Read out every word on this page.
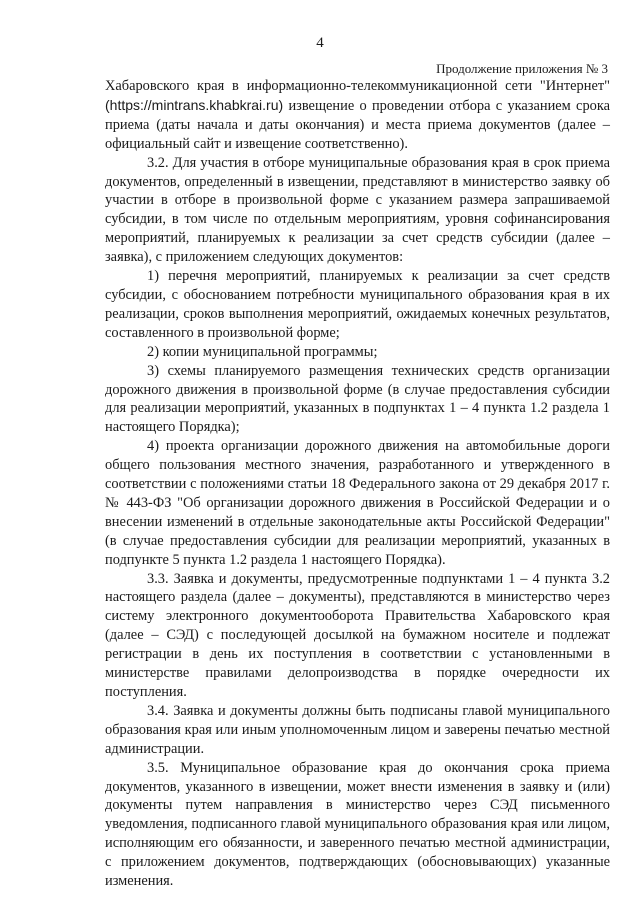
4
Продолжение приложения № 3

Хабаровского края в информационно-телекоммуникационной сети "Интернет" (https://mintrans.khabkrai.ru) извещение о проведении отбора с указанием срока приема (даты начала и даты окончания) и места приема документов (далее – официальный сайт и извещение соответственно).

3.2. Для участия в отборе муниципальные образования края в срок приема документов, определенный в извещении, представляют в министерство заявку об участии в отборе в произвольной форме с указанием размера запрашиваемой субсидии, в том числе по отдельным мероприятиям, уровня софинансирования мероприятий, планируемых к реализации за счет средств субсидии (далее – заявка), с приложением следующих документов:

1) перечня мероприятий, планируемых к реализации за счет средств субсидии, с обоснованием потребности муниципального образования края в их реализации, сроков выполнения мероприятий, ожидаемых конечных результатов, составленного в произвольной форме;

2) копии муниципальной программы;

3) схемы планируемого размещения технических средств организации дорожного движения в произвольной форме (в случае предоставления субсидии для реализации мероприятий, указанных в подпунктах 1 – 4 пункта 1.2 раздела 1 настоящего Порядка);

4) проекта организации дорожного движения на автомобильные дороги общего пользования местного значения, разработанного и утвержденного в соответствии с положениями статьи 18 Федерального закона от 29 декабря 2017 г. № 443-ФЗ "Об организации дорожного движения в Российской Федерации и о внесении изменений в отдельные законодательные акты Российской Федерации" (в случае предоставления субсидии для реализации мероприятий, указанных в подпункте 5 пункта 1.2 раздела 1 настоящего Порядка).

3.3. Заявка и документы, предусмотренные подпунктами 1 – 4 пункта 3.2 настоящего раздела (далее – документы), представляются в министерство через систему электронного документооборота Правительства Хабаровского края (далее – СЭД) с последующей досылкой на бумажном носителе и подлежат регистрации в день их поступления в соответствии с установленными в министерстве правилами делопроизводства в порядке очередности их поступления.

3.4. Заявка и документы должны быть подписаны главой муниципального образования края или иным уполномоченным лицом и заверены печатью местной администрации.

3.5. Муниципальное образование края до окончания срока приема документов, указанного в извещении, может внести изменения в заявку и (или) документы путем направления в министерство через СЭД письменного уведомления, подписанного главой муниципального образования края или лицом, исполняющим его обязанности, и заверенного печатью местной администрации, с приложением документов, подтверждающих (обосновывающих) указанные изменения.
